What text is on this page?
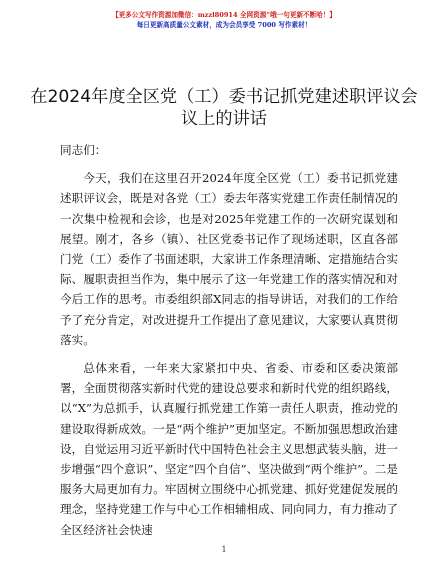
【更多公文写作资源加微信：mzzl80914 全网资源”哦一句更新不断哈！】
每日更新高质量公文素材，成为会员享受 7000 写作素材！
在2024年度全区党（工）委书记抓党建述职评议会议上的讲话

同志们：

今天，我们在这里召开2024年度全区党（工）委书记抓党建述职评议会，既是对各党（工）委去年落实党建工作责任制情况的一次集中检视和会诊，也是对2025年党建工作的一次研究谋划和展望。刚才，各乡（镇）、社区党委书记作了现场述职，区直各部门党（工）委作了书面述职，大家讲工作条理清晰、定措施结合实际、履职责担当作为，集中展示了这一年党建工作的落实情况和对今后工作的思考。市委组织部X同志的指导讲话，对我们的工作给予了充分肯定，对改进提升工作提出了意见建议，大家要认真贯彻落实。

总体来看，一年来大家紧扣中央、省委、市委和区委决策部署，全面贯彻落实新时代党的建设总要求和新时代党的组织路线，以“X”为总抓手，认真履行抓党建工作第一责任人职责，推动党的建设取得新成效。一是“两个维护”更加坚定。不断加强思想政治建设，自觉运用习近平新时代中国特色社会主义思想武装头脑，进一步增强“四个意识”、坚定“四个自信”、坚决做到“两个维护”。二是服务大局更加有力。牢固树立围绕中心抓党建、抓好党建促发展的理念，坚持党建工作与中心工作相辅相成、同向同力，有力推动了全区经济社会快速

1
